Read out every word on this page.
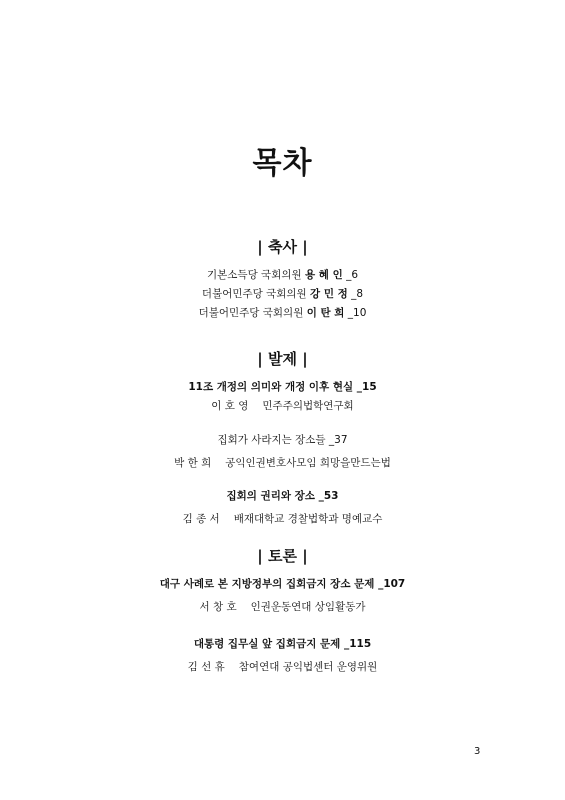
목차
| 축사 |
기본소득당 국회의원 용 혜 인 _6
더불어민주당 국회의원 강 민 정 _8
더불어민주당 국회의원 이 탄 희 _10
| 발제 |
11조 개정의 의미와 개정 이후 현실 _15
이 호 영 민주주의법학연구회
집회가 사라지는 장소들 _37
박 한 희 공익인권변호사모임 희망을만드는법
집회의 권리와 장소 _53
김 종 서 배재대학교 경찰법학과 명예교수
| 토론 |
대구 사례로 본 지방정부의 집회금지 장소 문제 _107
서 창 호 인권운동연대 상임활동가
대통령 집무실 앞 집회금지 문제 _115
김 선 휴 참여연대 공익법센터 운영위원
3
